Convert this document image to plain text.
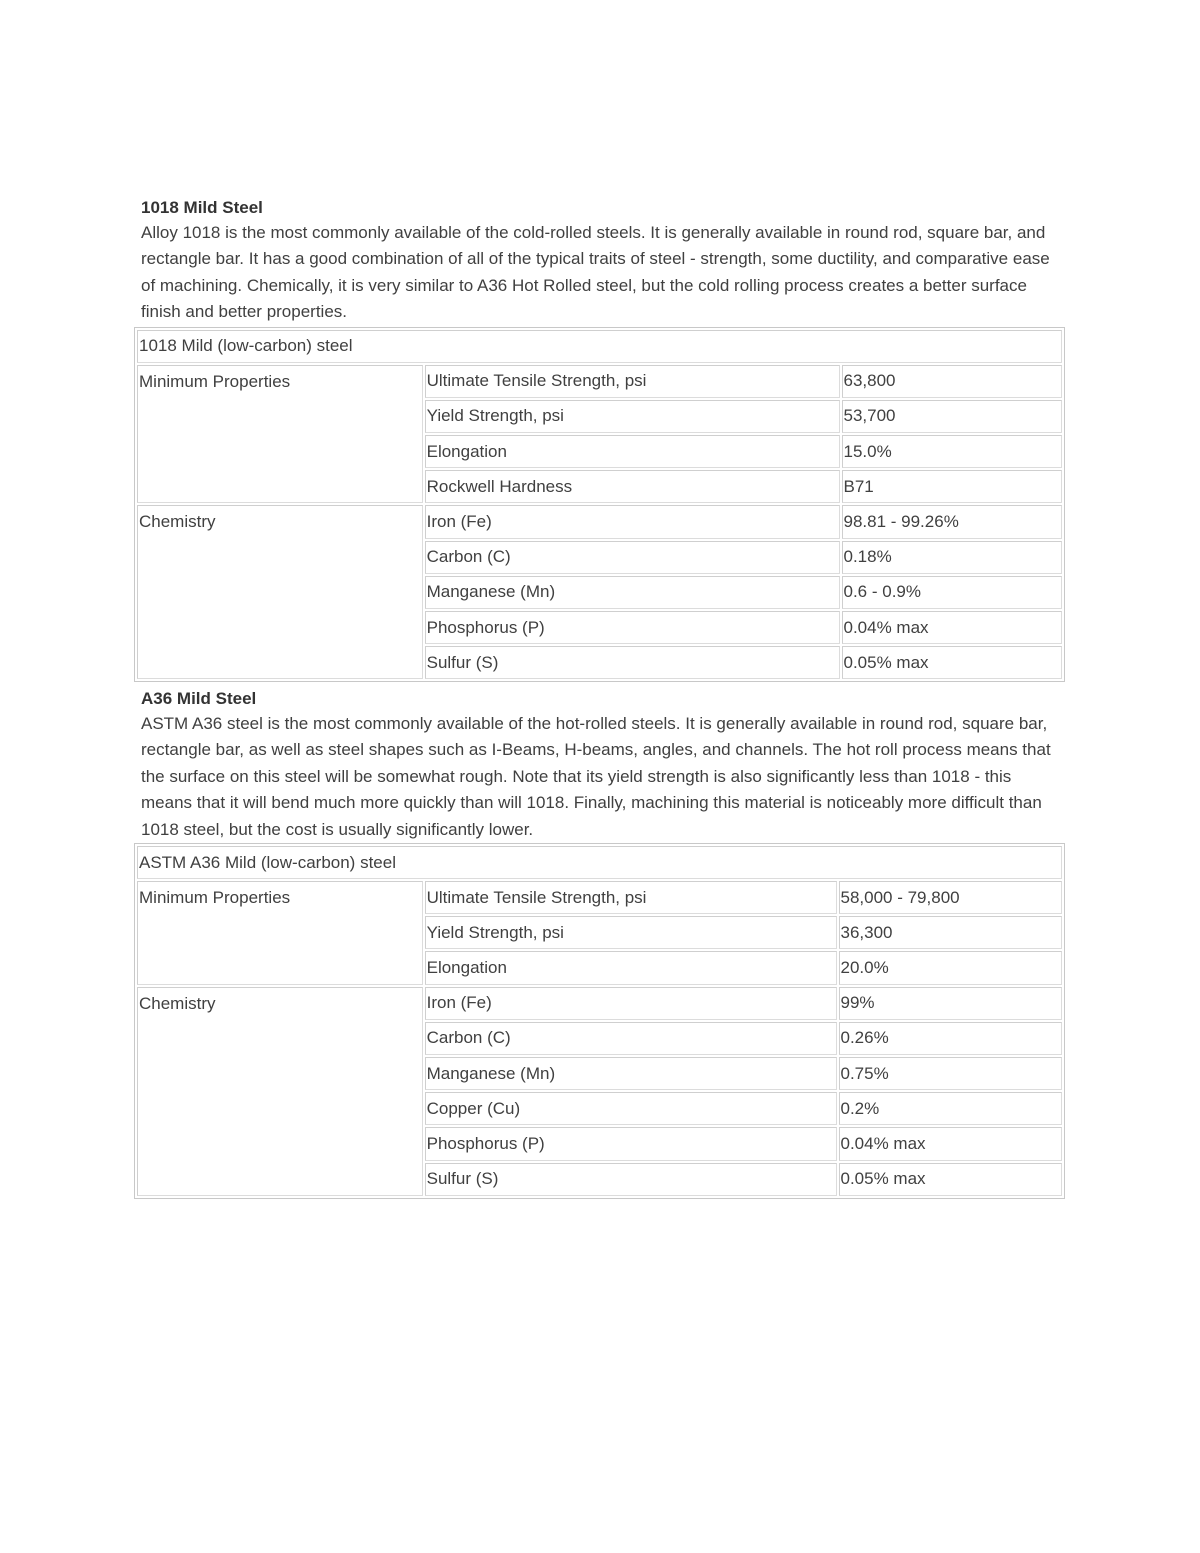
1018 Mild Steel

Alloy 1018 is the most commonly available of the cold-rolled steels. It is generally available in round rod, square bar, and rectangle bar. It has a good combination of all of the typical traits of steel - strength, some ductility, and comparative ease of machining. Chemically, it is very similar to A36 Hot Rolled steel, but the cold rolling process creates a better surface finish and better properties.

1018 Mild (low-carbon) steel		
Minimum Properties	Ultimate Tensile Strength, psi	63,800
	Yield Strength, psi	53,700
	Elongation	15.0%
	Rockwell Hardness	B71
Chemistry	Iron (Fe)	98.81 - 99.26%
	Carbon (C)	0.18%
	Manganese (Mn)	0.6 - 0.9%
	Phosphorus (P)	0.04% max
	Sulfur (S)	0.05% max

A36 Mild Steel

ASTM A36 steel is the most commonly available of the hot-rolled steels. It is generally available in round rod, square bar, rectangle bar, as well as steel shapes such as I-Beams, H-beams, angles, and channels. The hot roll process means that the surface on this steel will be somewhat rough. Note that its yield strength is also significantly less than 1018 - this means that it will bend much more quickly than will 1018. Finally, machining this material is noticeably more difficult than 1018 steel, but the cost is usually significantly lower.

ASTM A36 Mild (low-carbon) steel		
Minimum Properties	Ultimate Tensile Strength, psi	58,000 - 79,800
	Yield Strength, psi	36,300
	Elongation	20.0%
Chemistry	Iron (Fe)	99%
	Carbon (C)	0.26%
	Manganese (Mn)	0.75%
	Copper (Cu)	0.2%
	Phosphorus (P)	0.04% max
	Sulfur (S)	0.05% max
